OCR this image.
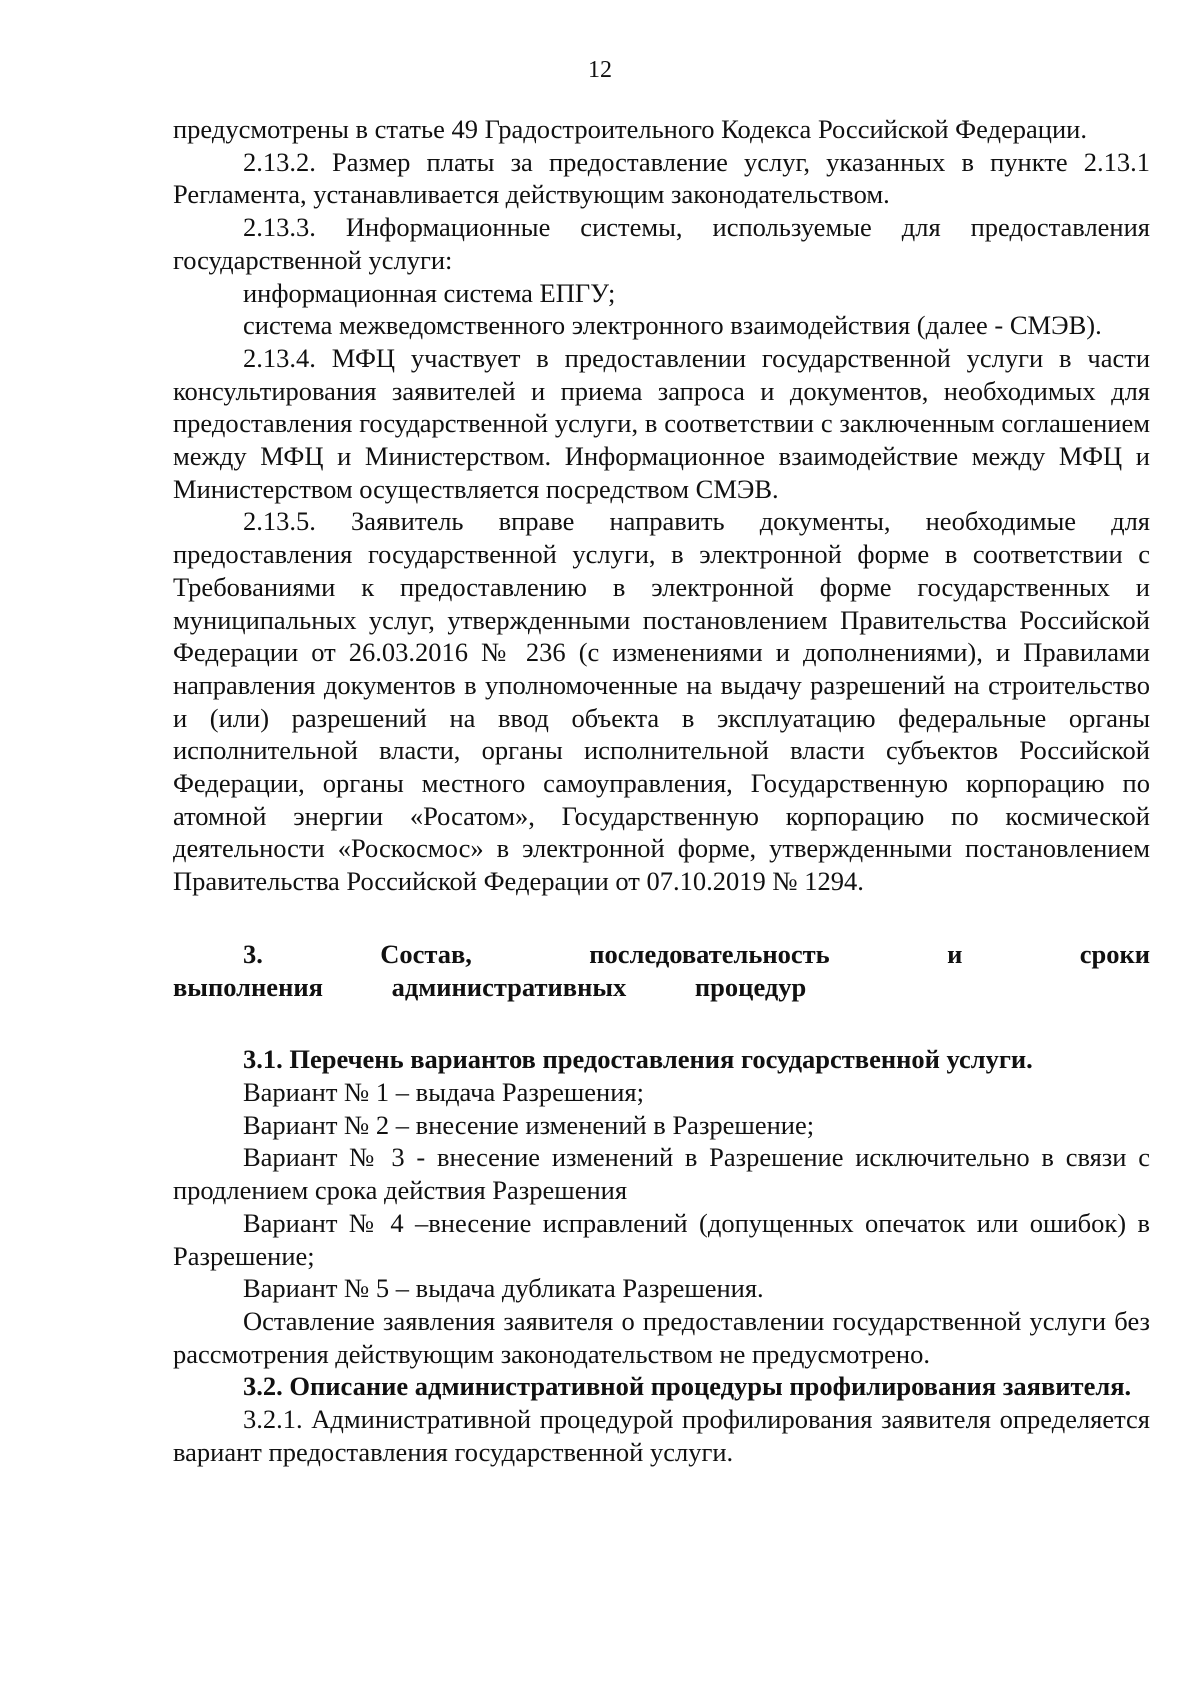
12

предусмотрены в статье 49 Градостроительного Кодекса Российской Федерации.

2.13.2. Размер платы за предоставление услуг, указанных в пункте 2.13.1 Регламента, устанавливается действующим законодательством.

2.13.3. Информационные системы, используемые для предоставления государственной услуги:

информационная система ЕПГУ;

система межведомственного электронного взаимодействия (далее - СМЭВ).

2.13.4. МФЦ участвует в предоставлении государственной услуги в части консультирования заявителей и приема запроса и документов, необходимых для предоставления государственной услуги, в соответствии с заключенным соглашением между МФЦ и Министерством. Информационное взаимодействие между МФЦ и Министерством осуществляется посредством СМЭВ.

2.13.5. Заявитель вправе направить документы, необходимые для предоставления государственной услуги, в электронной форме в соответствии с Требованиями к предоставлению в электронной форме государственных и муниципальных услуг, утвержденными постановлением Правительства Российской Федерации от 26.03.2016 № 236 (с изменениями и дополнениями), и Правилами направления документов в уполномоченные на выдачу разрешений на строительство и (или) разрешений на ввод объекта в эксплуатацию федеральные органы исполнительной власти, органы исполнительной власти субъектов Российской Федерации, органы местного самоуправления, Государственную корпорацию по атомной энергии «Росатом», Государственную корпорацию по космической деятельности «Роскосмос» в электронной форме, утвержденными постановлением Правительства Российской Федерации от 07.10.2019 № 1294.

3. Состав, последовательность и сроки выполнения административных процедур

3.1. Перечень вариантов предоставления государственной услуги.

Вариант № 1 – выдача Разрешения;

Вариант № 2 – внесение изменений в Разрешение;

Вариант № 3 - внесение изменений в Разрешение исключительно в связи с продлением срока действия Разрешения

Вариант № 4 –внесение исправлений (допущенных опечаток или ошибок) в Разрешение;

Вариант № 5 – выдача дубликата Разрешения.

Оставление заявления заявителя о предоставлении государственной услуги без рассмотрения действующим законодательством не предусмотрено.

3.2. Описание административной процедуры профилирования заявителя.

3.2.1. Административной процедурой профилирования заявителя определяется вариант предоставления государственной услуги.
